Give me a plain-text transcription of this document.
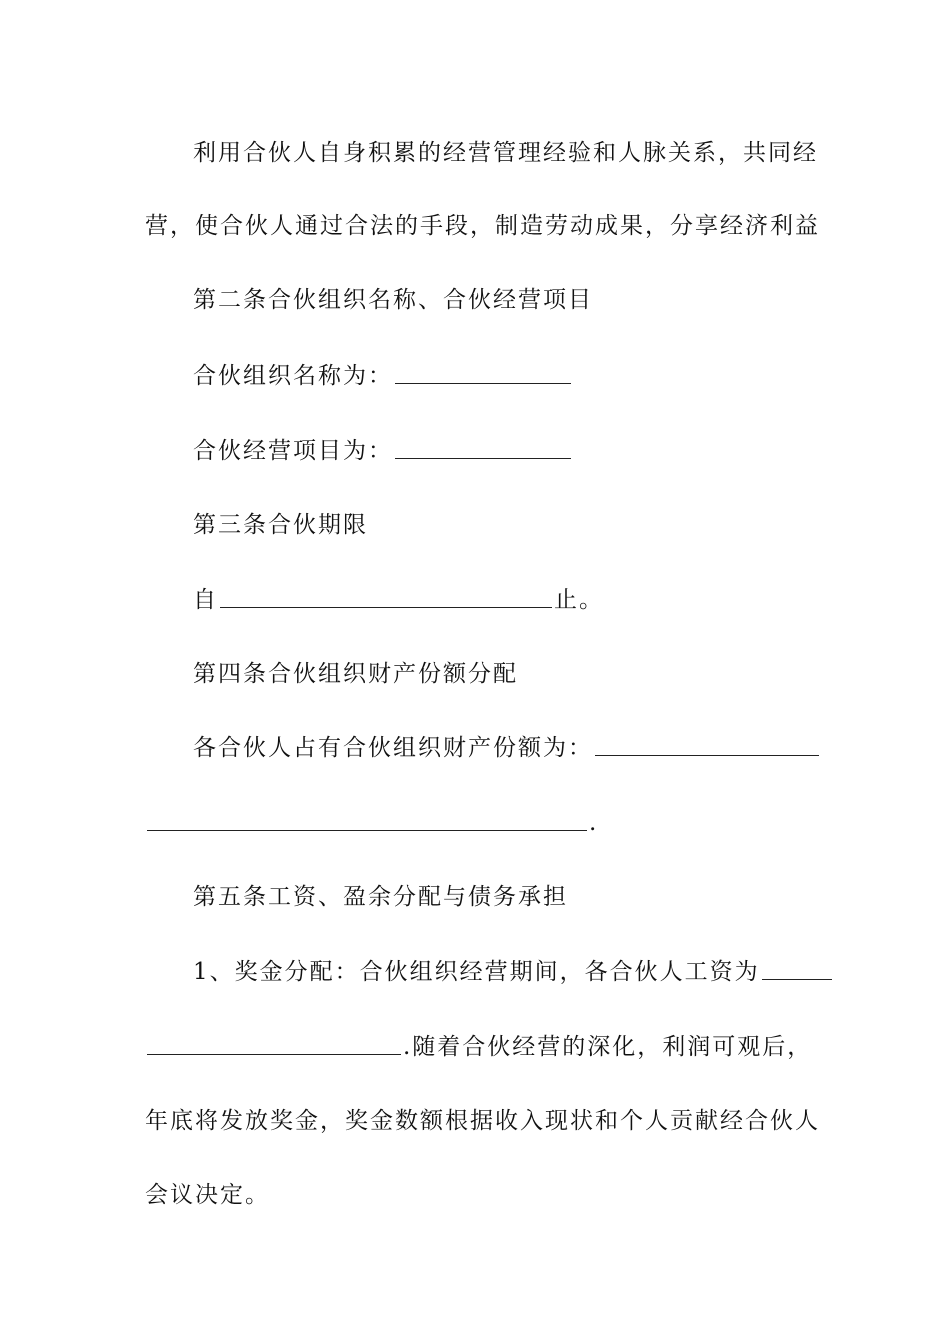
利用合伙人自身积累的经营管理经验和人脉关系，共同经
营，使合伙人通过合法的手段，制造劳动成果，分享经济利益
第二条合伙组织名称、合伙经营项目
合伙组织名称为：
合伙经营项目为：
第三条合伙期限
自	止。
第四条合伙组织财产份额分配
各合伙人占有合伙组织财产份额为：
.
第五条工资、盈余分配与债务承担
1、奖金分配：合伙组织经营期间，各合伙人工资为
.随着合伙经营的深化，利润可观后，
年底将发放奖金，奖金数额根据收入现状和个人贡献经合伙人
会议决定。
